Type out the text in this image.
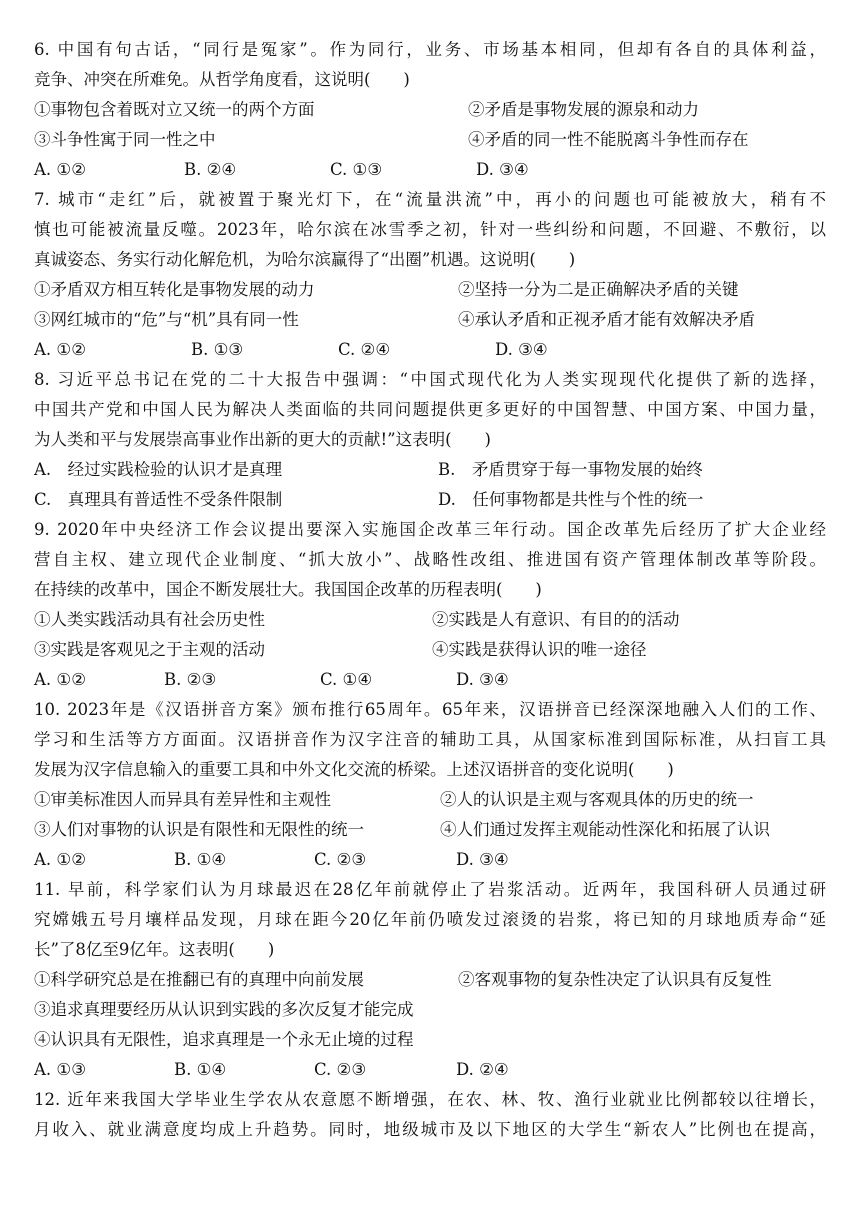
6. 中国有句古话，“同行是冤家”。作为同行，业务、市场基本相同，但却有各自的具体利益，
竞争、冲突在所难免。从哲学角度看，这说明(　　)
①事物包含着既对立又统一的两个方面	②矛盾是事物发展的源泉和动力
③斗争性寓于同一性之中	④矛盾的同一性不能脱离斗争性而存在
A. ①②	B. ②④	C. ①③	D. ③④
7. 城市“走红”后，就被置于聚光灯下，在“流量洪流”中，再小的问题也可能被放大，稍有不
慎也可能被流量反噬。2023年，哈尔滨在冰雪季之初，针对一些纠纷和问题，不回避、不敷衍，以
真诚姿态、务实行动化解危机，为哈尔滨赢得了“出圈”机遇。这说明(　　)
①矛盾双方相互转化是事物发展的动力	②坚持一分为二是正确解决矛盾的关键
③网红城市的“危”与“机”具有同一性	④承认矛盾和正视矛盾才能有效解决矛盾
A. ①②	B. ①③	C. ②④	D. ③④
8. 习近平总书记在党的二十大报告中强调：“中国式现代化为人类实现现代化提供了新的选择，
中国共产党和中国人民为解决人类面临的共同问题提供更多更好的中国智慧、中国方案、中国力量，
为人类和平与发展崇高事业作出新的更大的贡献!”这表明(　　)
A.　经过实践检验的认识才是真理	B.　矛盾贯穿于每一事物发展的始终
C.　真理具有普适性不受条件限制	D.　任何事物都是共性与个性的统一
9. 2020年中央经济工作会议提出要深入实施国企改革三年行动。国企改革先后经历了扩大企业经
营自主权、建立现代企业制度、“抓大放小”、战略性改组、推进国有资产管理体制改革等阶段。
在持续的改革中，国企不断发展壮大。我国国企改革的历程表明(　　)
①人类实践活动具有社会历史性	②实践是人有意识、有目的的活动
③实践是客观见之于主观的活动	④实践是获得认识的唯一途径
A. ①②	B. ②③	C. ①④	D. ③④
10. 2023年是《汉语拼音方案》颁布推行65周年。65年来，汉语拼音已经深深地融入人们的工作、
学习和生活等方方面面。汉语拼音作为汉字注音的辅助工具，从国家标准到国际标准，从扫盲工具
发展为汉字信息输入的重要工具和中外文化交流的桥梁。上述汉语拼音的变化说明(　　)
①审美标准因人而异具有差异性和主观性	②人的认识是主观与客观具体的历史的统一
③人们对事物的认识是有限性和无限性的统一	④人们通过发挥主观能动性深化和拓展了认识
A. ①②	B. ①④	C. ②③	D. ③④
11. 早前，科学家们认为月球最迟在28亿年前就停止了岩浆活动。近两年，我国科研人员通过研
究嫦娥五号月壤样品发现，月球在距今20亿年前仍喷发过滚烫的岩浆，将已知的月球地质寿命“延
长”了8亿至9亿年。这表明(　　)
①科学研究总是在推翻已有的真理中向前发展	②客观事物的复杂性决定了认识具有反复性
③追求真理要经历从认识到实践的多次反复才能完成
④认识具有无限性，追求真理是一个永无止境的过程
A. ①③	B. ①④	C. ②③	D. ②④
12. 近年来我国大学毕业生学农从农意愿不断增强，在农、林、牧、渔行业就业比例都较以往增长，
月收入、就业满意度均成上升趋势。同时，地级城市及以下地区的大学生“新农人”比例也在提高，
